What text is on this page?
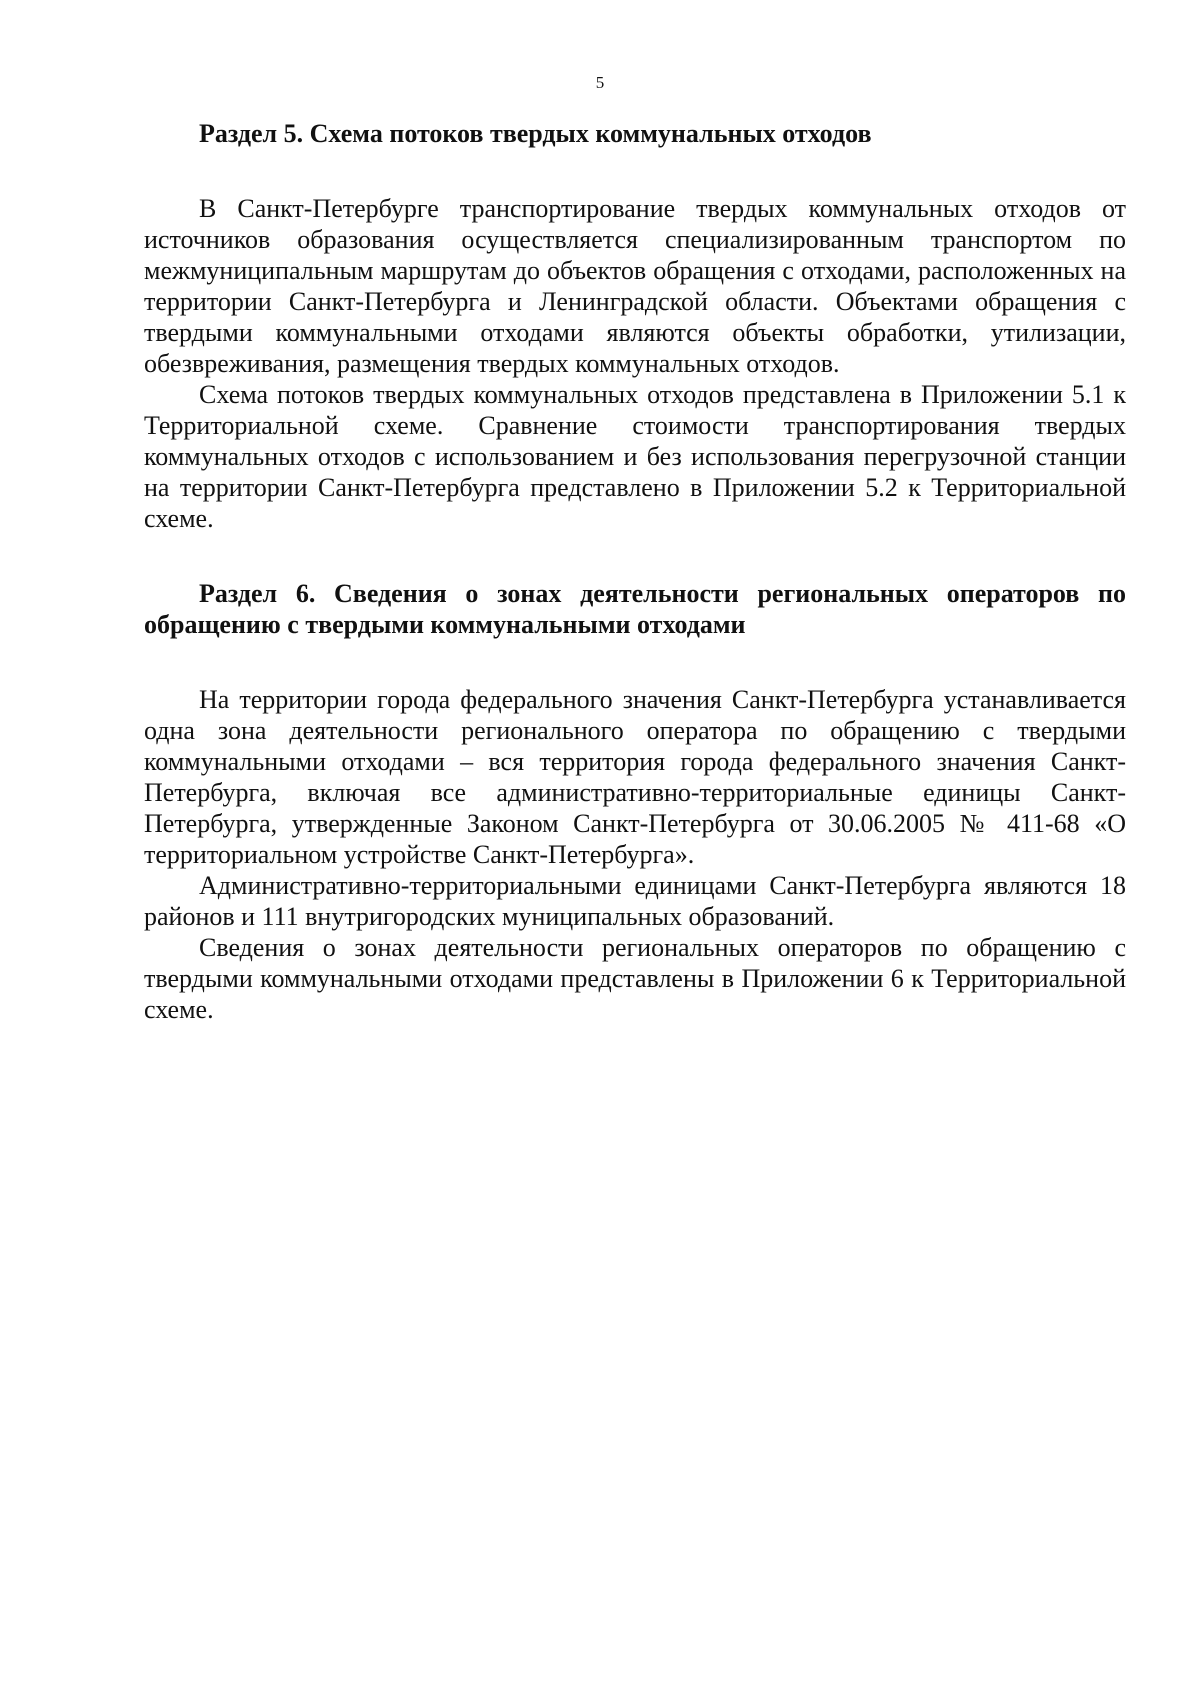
5
Раздел 5. Схема потоков твердых коммунальных отходов

В Санкт-Петербурге транспортирование твердых коммунальных отходов от источников образования осуществляется специализированным транспортом по межмуниципальным маршрутам до объектов обращения с отходами, расположенных на территории Санкт-Петербурга и Ленинградской области. Объектами обращения с твердыми коммунальными отходами являются объекты обработки, утилизации, обезвреживания, размещения твердых коммунальных отходов.

Схема потоков твердых коммунальных отходов представлена в Приложении 5.1 к Территориальной схеме. Сравнение стоимости транспортирования твердых коммунальных отходов с использованием и без использования перегрузочной станции на территории Санкт-Петербурга представлено в Приложении 5.2 к Территориальной схеме.

Раздел 6. Сведения о зонах деятельности региональных операторов по обращению с твердыми коммунальными отходами

На территории города федерального значения Санкт-Петербурга устанавливается одна зона деятельности регионального оператора по обращению с твердыми коммунальными отходами – вся территория города федерального значения Санкт-Петербурга, включая все административно-территориальные единицы Санкт-Петербурга, утвержденные Законом Санкт-Петербурга от 30.06.2005 № 411-68 «О территориальном устройстве Санкт-Петербурга».

Административно-территориальными единицами Санкт-Петербурга являются 18 районов и 111 внутригородских муниципальных образований.

Сведения о зонах деятельности региональных операторов по обращению с твердыми коммунальными отходами представлены в Приложении 6 к Территориальной схеме.
